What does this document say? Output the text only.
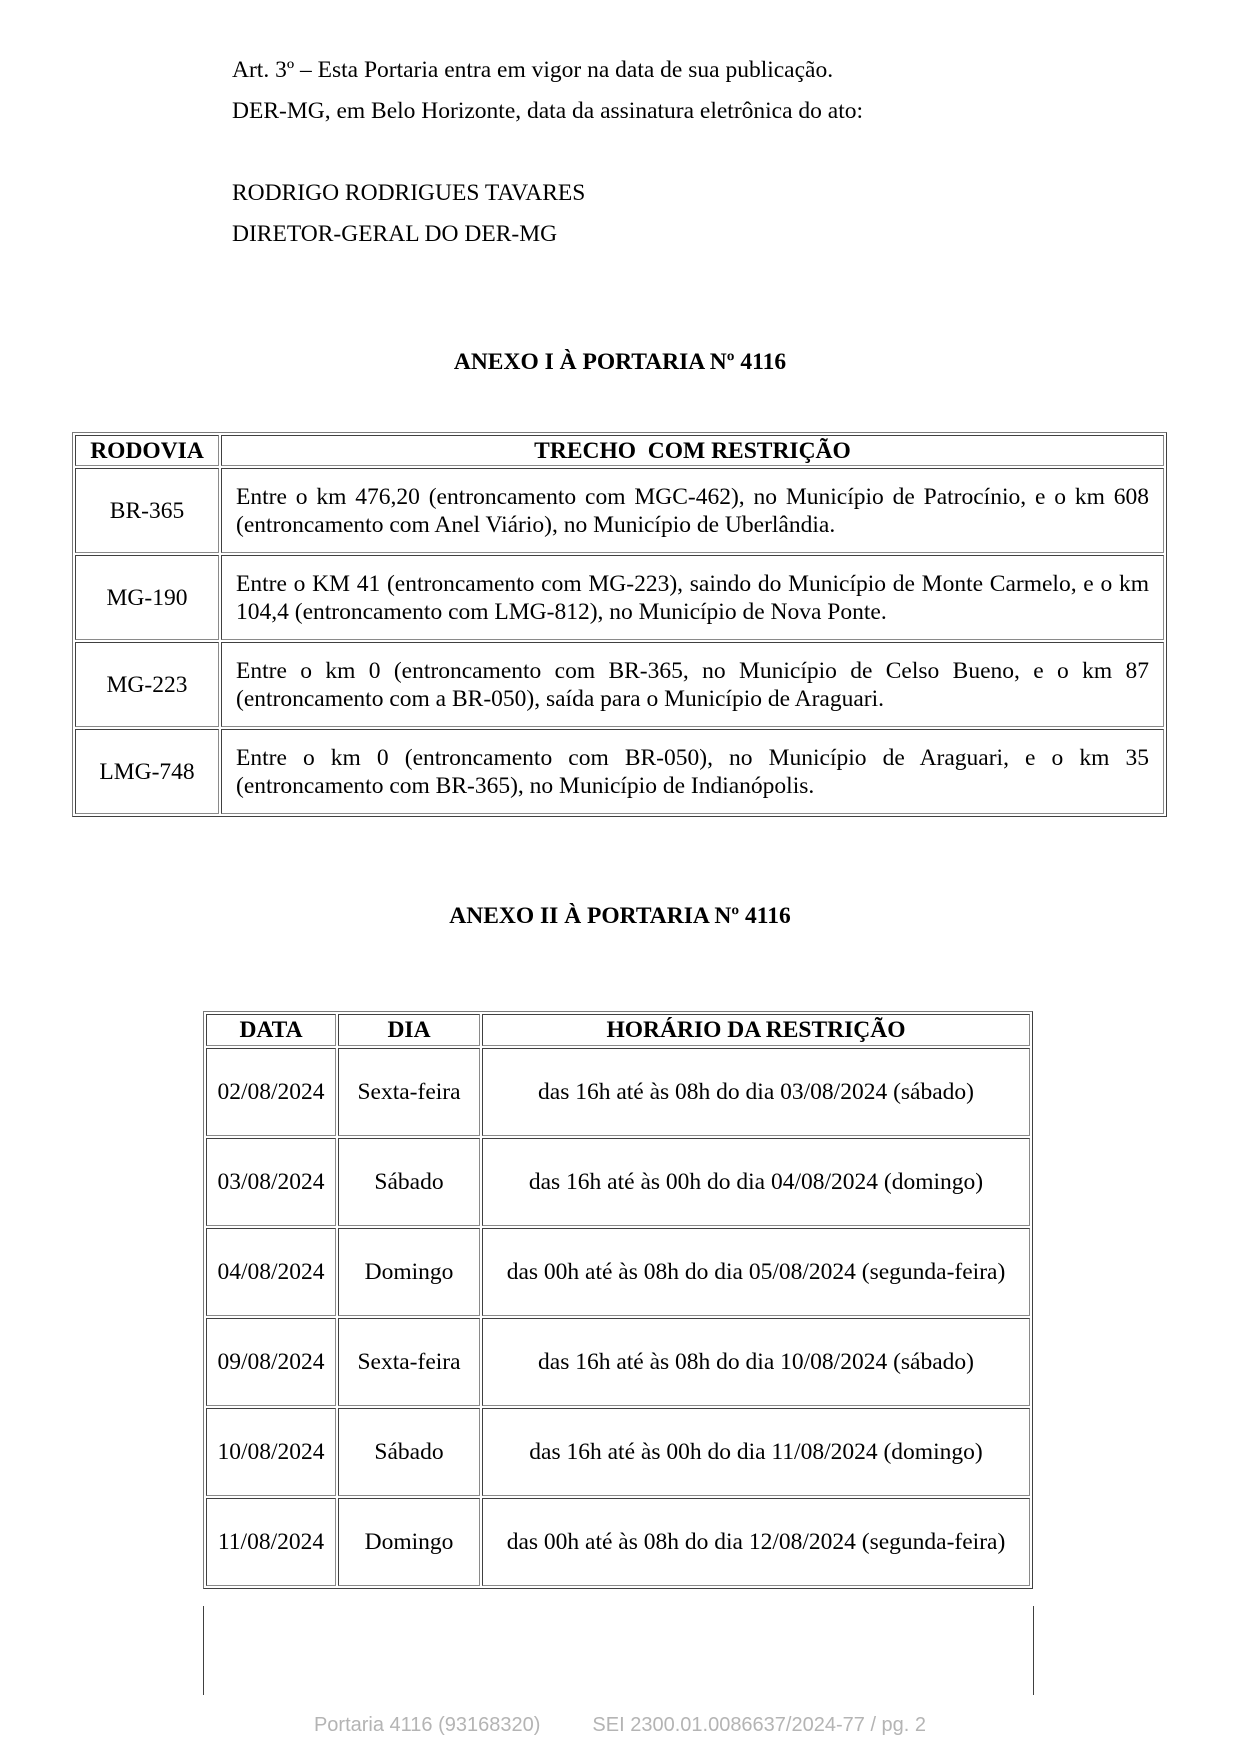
Art. 3º – Esta Portaria entra em vigor na data de sua publicação.
DER-MG, em Belo Horizonte, data da assinatura eletrônica do ato:
RODRIGO RODRIGUES TAVARES
DIRETOR-GERAL DO DER-MG
ANEXO I À PORTARIA Nº 4116
RODOVIA	TRECHO  COM RESTRIÇÃO
BR-365	Entre o km 476,20 (entroncamento com MGC-462), no Município de Patrocínio, e o km 608 (entroncamento com Anel Viário), no Município de Uberlândia.
MG-190	Entre o KM 41 (entroncamento com MG-223), saindo do Município de Monte Carmelo, e o km 104,4 (entroncamento com LMG-812), no Município de Nova Ponte.
MG-223	Entre o km 0 (entroncamento com BR-365, no Município de Celso Bueno, e o km 87 (entroncamento com a BR-050), saída para o Município de Araguari.
LMG-748	Entre o km 0 (entroncamento com BR-050), no Município de Araguari, e o km 35 (entroncamento com BR-365), no Município de Indianópolis.
ANEXO II À PORTARIA Nº 4116
DATA	DIA	HORÁRIO DA RESTRIÇÃO
02/08/2024	Sexta-feira	das 16h até às 08h do dia 03/08/2024 (sábado)
03/08/2024	Sábado	das 16h até às 00h do dia 04/08/2024 (domingo)
04/08/2024	Domingo	das 00h até às 08h do dia 05/08/2024 (segunda-feira)
09/08/2024	Sexta-feira	das 16h até às 08h do dia 10/08/2024 (sábado)
10/08/2024	Sábado	das 16h até às 00h do dia 11/08/2024 (domingo)
11/08/2024	Domingo	das 00h até às 08h do dia 12/08/2024 (segunda-feira)
Portaria 4116 (93168320)	SEI 2300.01.0086637/2024-77 / pg. 2
